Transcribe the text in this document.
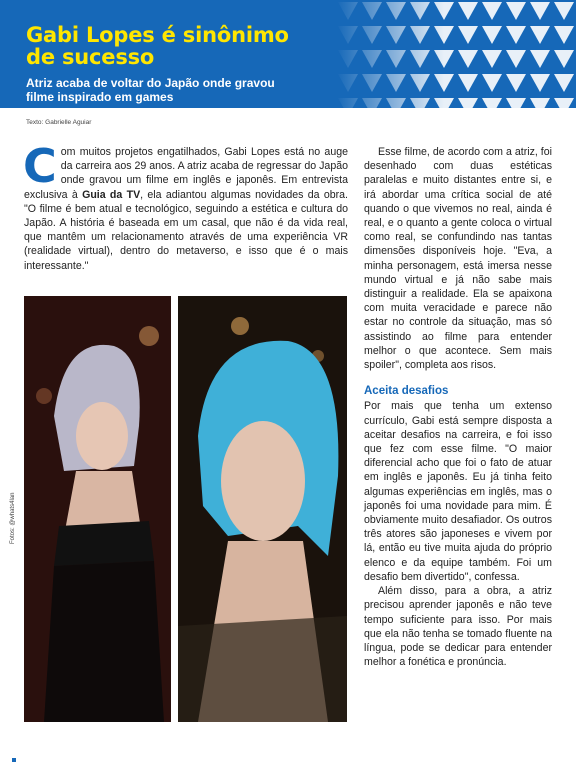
Gabi Lopes é sinônimo
de sucesso
Atriz acaba de voltar do Japão onde gravou filme inspirado em games
Texto: Gabrielle Aguiar

Com muitos projetos engatilhados, Gabi Lopes está no auge da carreira aos 29 anos. A atriz acaba de regressar do Japão onde gravou um filme em inglês e japonês. Em entrevista exclusiva à Guia da TV, ela adiantou algumas novidades da obra. "O filme é bem atual e tecnológico, seguindo a estética e cultura do Japão. A história é baseada em um casal, que não é da vida real, que mantêm um relacionamento através de uma experiência VR (realidade virtual), dentro do metaverso, e isso que é o mais interessante."

Fotos: @whats4lan

Esse filme, de acordo com a atriz, foi desenhado com duas estéticas paralelas e muito distantes entre si, e irá abordar uma crítica social de até quando o que vivemos no real, ainda é real, e o quanto a gente coloca o virtual como real, se confundindo nas tantas dimensões disponíveis hoje. "Eva, a minha personagem, está imersa nesse mundo virtual e já não sabe mais distinguir a realidade. Ela se apaixona com muita veracidade e parece não estar no controle da situação, mas só assistindo ao filme para entender melhor o que acontece. Sem mais spoiler", completa aos risos.

Aceita desafios

Por mais que tenha um extenso currículo, Gabi está sempre disposta a aceitar desafios na carreira, e foi isso que fez com esse filme. "O maior diferencial acho que foi o fato de atuar em inglês e japonês. Eu já tinha feito algumas experiências em inglês, mas o japonês foi uma novidade para mim. É obviamente muito desafiador. Os outros três atores são japoneses e vivem por lá, então eu tive muita ajuda do próprio elenco e da equipe também. Foi um desafio bem divertido", confessa.

Além disso, para a obra, a atriz precisou aprender japonês e não teve tempo suficiente para isso. Por mais que ela não tenha se tomado fluente na língua, pode se dedicar para entender melhor a fonética e pronúncia.
